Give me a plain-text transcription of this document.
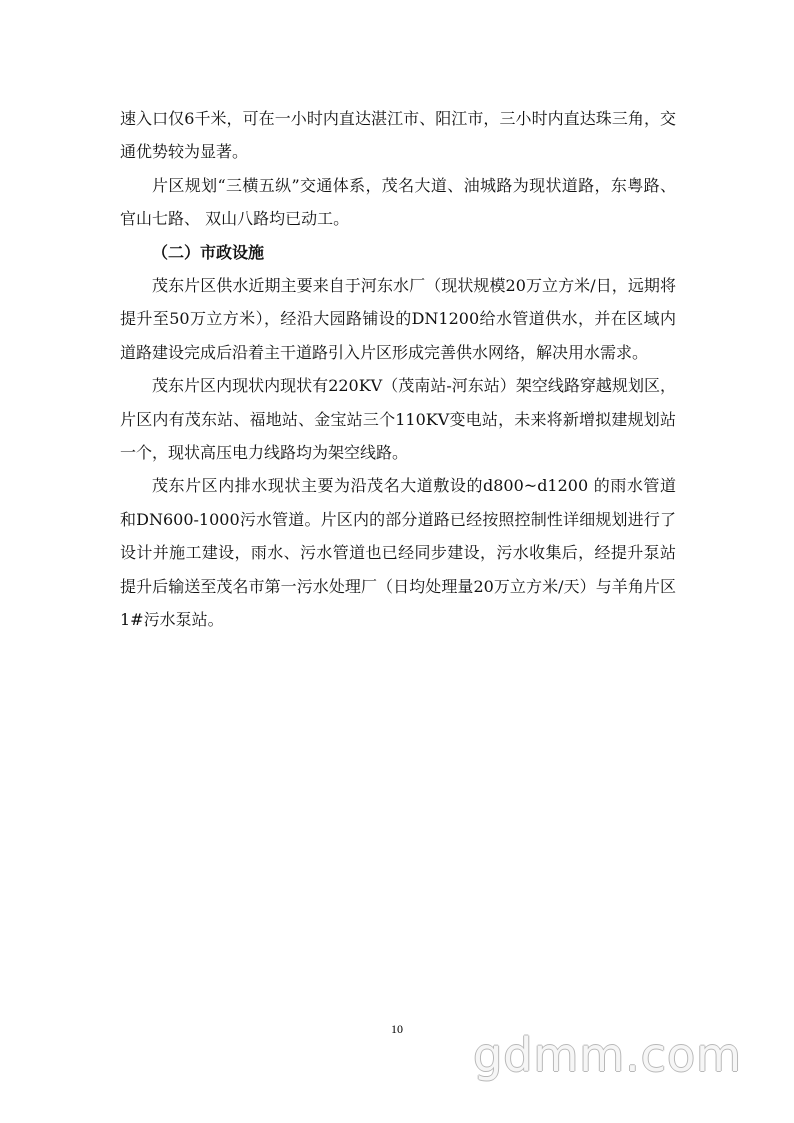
速入口仅6千米，可在一小时内直达湛江市、阳江市，三小时内直达珠三角，交通优势较为显著。

片区规划“三横五纵”交通体系，茂名大道、油城路为现状道路，东粤路、官山七路、 双山八路均已动工。

（二）市政设施

茂东片区供水近期主要来自于河东水厂（现状规模20万立方米/日，远期将提升至50万立方米），经沿大园路铺设的DN1200给水管道供水，并在区域内道路建设完成后沿着主干道路引入片区形成完善供水网络，解决用水需求。

茂东片区内现状内现状有220KV（茂南站-河东站）架空线路穿越规划区，片区内有茂东站、福地站、金宝站三个110KV变电站，未来将新增拟建规划站一个，现状高压电力线路均为架空线路。

茂东片区内排水现状主要为沿茂名大道敷设的d800~d1200 的雨水管道和DN600-1000污水管道。片区内的部分道路已经按照控制性详细规划进行了设计并施工建设，雨水、污水管道也已经同步建设，污水收集后，经提升泵站提升后输送至茂名市第一污水处理厂（日均处理量20万立方米/天）与羊角片区1#污水泵站。

10	gdmm.com
